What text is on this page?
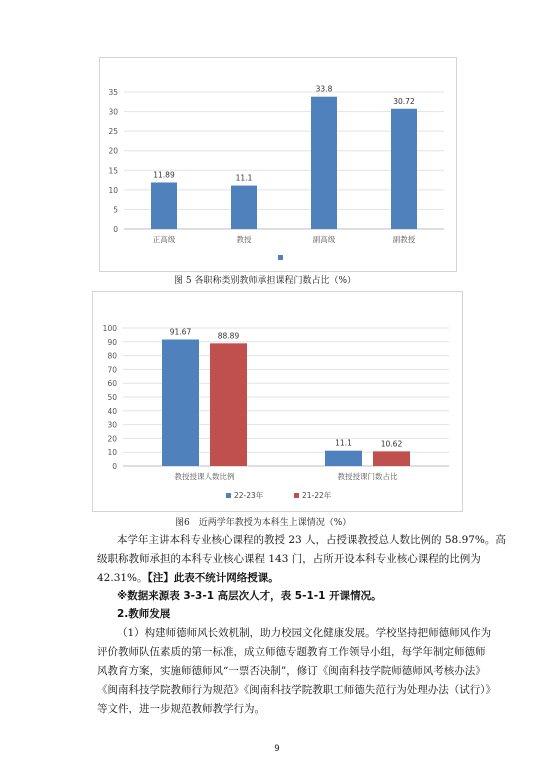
0
5
10
15
20
25
30
35
11.89
正高级
11.1
教授
33.8
副高级
30.72
副教授
图 5 各职称类别教师承担课程门数占比（%）
0
10
20
30
40
50
60
70
80
90
100	91.67	88.89
教授授课人数比例
11.1	10.62
教授授课门数占比
22-23年	21-22年
图6　近两学年教授为本科生上课情况（%）
本学年主讲本科专业核心课程的教授 23 人，占授课教授总人数比例的 58.97%。高
级职称教师承担的本科专业核心课程 143 门，占所开设本科专业核心课程的比例为
42.31%。【注】此表不统计网络授课。
※数据来源表 3-3-1 高层次人才，表 5-1-1 开课情况。
2.教师发展
（1）构建师德师风长效机制，助力校园文化健康发展。学校坚持把师德师风作为
评价教师队伍素质的第一标准，成立师德专题教育工作领导小组，每学年制定师德师
风教育方案，实施师德师风“一票否决制”，修订《闽南科技学院师德师风考核办法》
《闽南科技学院教师行为规范》《闽南科技学院教职工师德失范行为处理办法（试行）》
等文件，进一步规范教师教学行为。
9
